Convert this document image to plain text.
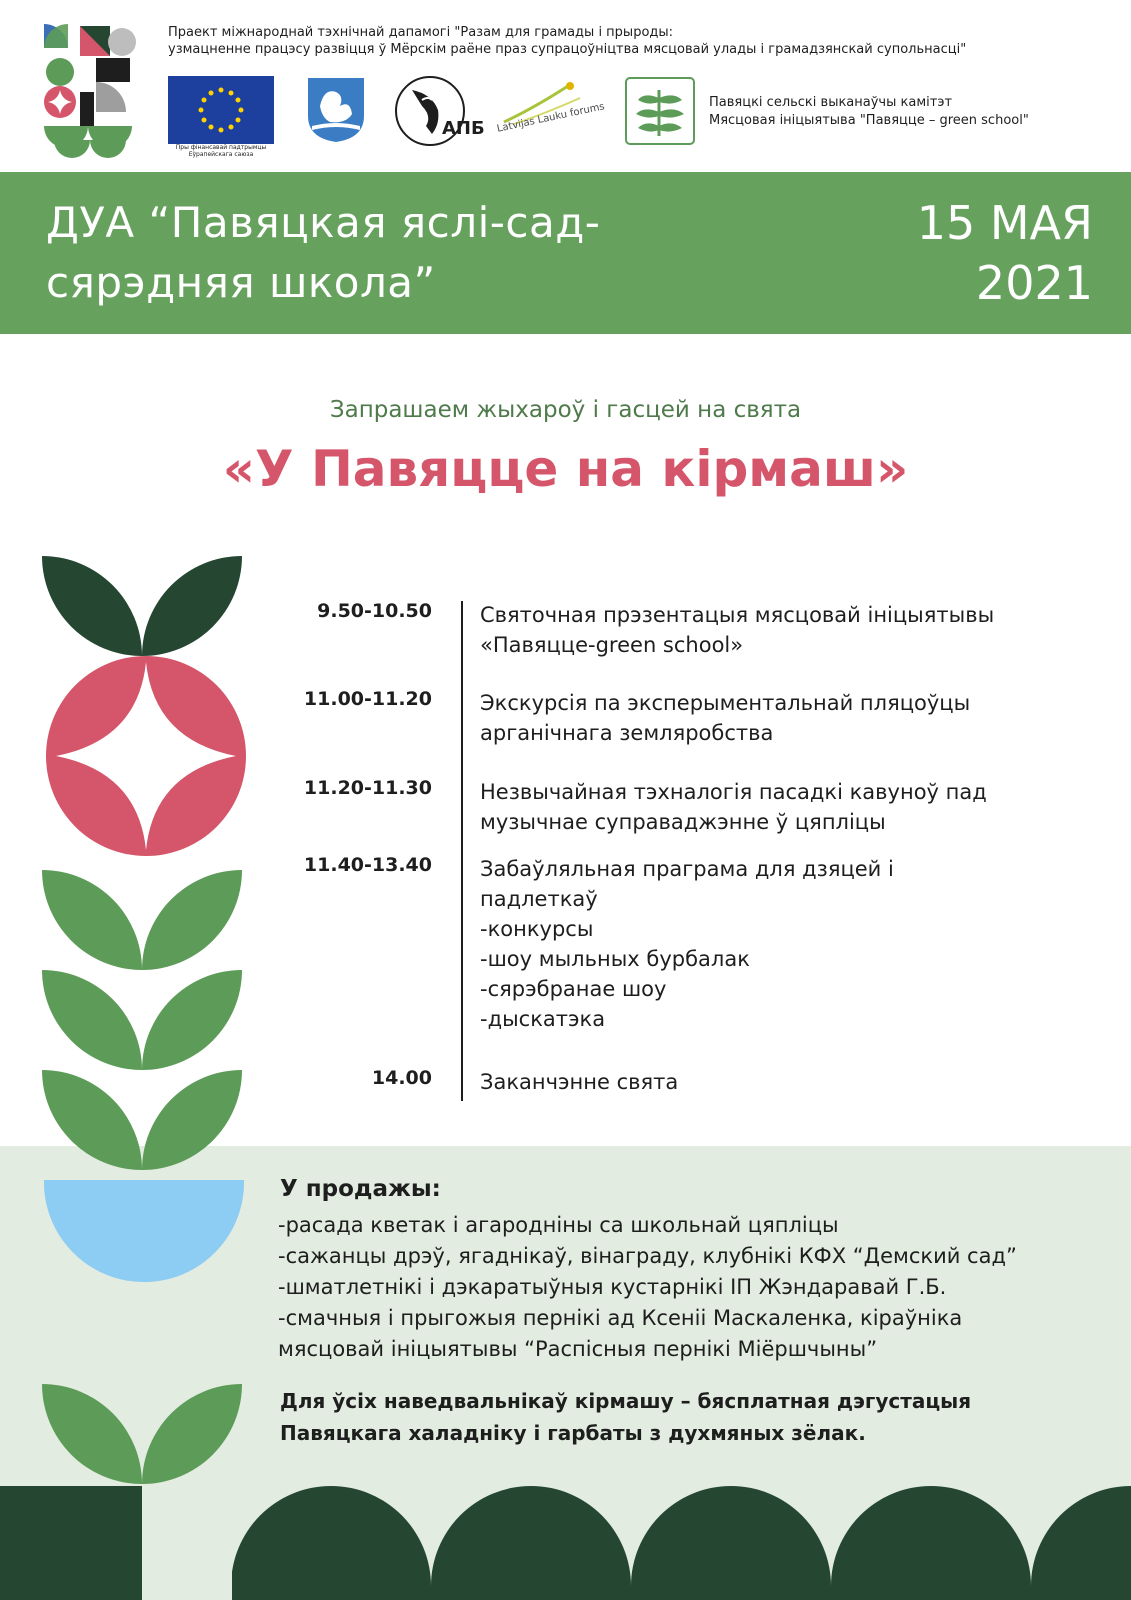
Пры фінансавай падтрымцы Еўрапейскага саюза
АПБ Latvijas Lauku forums
Праект міжнароднай тэхнічнай дапамогі "Разам для грамады і прыроды:
узмацненне працэсу развіцця ў Мёрскім раёне праз супрацоўніцтва мясцовай улады і грамадзянскай супольнасці"
Павяцкі сельскі выканаўчы камітэт
Мясцовая ініцыятыва "Павяцце – green school"
ДУА “Павяцкая яслі-сад-
сярэдняя школа”
15 МАЯ
2021
Запрашаем жыхароў і гасцей на свята
«У Павяцце на кірмаш»
9.50-10.50 Святочная прэзентацыя мясцовай ініцыятывы
«Павяцце-green school»
11.00-11.20 Экскурсія па эксперыментальнай пляцоўцы
арганічнага земляробства
11.20-11.30 Незвычайная тэхналогія пасадкі кавуноў пад
музычнае суправаджэнне ў цяпліцы
11.40-13.40 Забаўляльная праграма для дзяцей і
падлеткаў
-конкурсы
-шоу мыльных бурбалак
-сярэбранае шоу
-дыскатэка
14.00 Заканчэнне свята
У продажы:
-расада кветак і агародніны са школьнай цяпліцы
-сажанцы дрэў, ягаднікаў, вінаграду, клубнікі КФХ “Демский сад”
-шматлетнікі і дэкаратыўныя кустарнікі ІП Жэндаравай Г.Б.
-смачныя і прыгожыя пернікі ад Ксеніі Маскаленка, кіраўніка
мясцовай ініцыятывы “Распісныя пернікі Міёршчыны”
Для ўсіх наведвальнікаў кірмашу – бясплатная дэгустацыя
Павяцкага халадніку і гарбаты з духмяных зёлак.
